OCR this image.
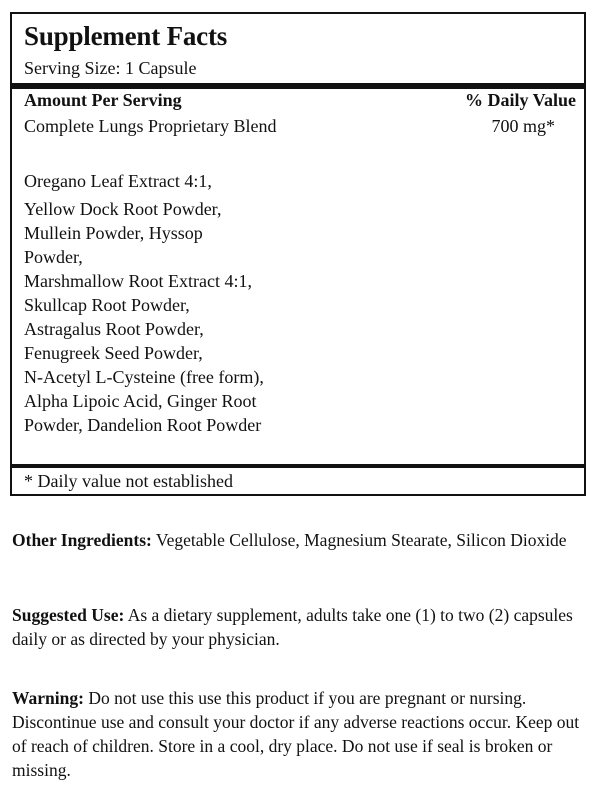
Supplement Facts
Serving Size: 1 Capsule
Amount Per Serving	% Daily Value
Complete Lungs Proprietary Blend	700 mg*
Oregano Leaf Extract 4:1,
Yellow Dock Root Powder,
Mullein Powder, Hyssop
Powder,
Marshmallow Root Extract 4:1,
Skullcap Root Powder,
Astragalus Root Powder,
Fenugreek Seed Powder,
N-Acetyl L-Cysteine (free form),
Alpha Lipoic Acid, Ginger Root
Powder, Dandelion Root Powder
* Daily value not established
Other Ingredients: Vegetable Cellulose, Magnesium Stearate, Silicon Dioxide
Suggested Use: As a dietary supplement, adults take one (1) to two (2) capsules daily or as directed by your physician.
Warning: Do not use this use this product if you are pregnant or nursing. Discontinue use and consult your doctor if any adverse reactions occur. Keep out of reach of children. Store in a cool, dry place. Do not use if seal is broken or missing.
